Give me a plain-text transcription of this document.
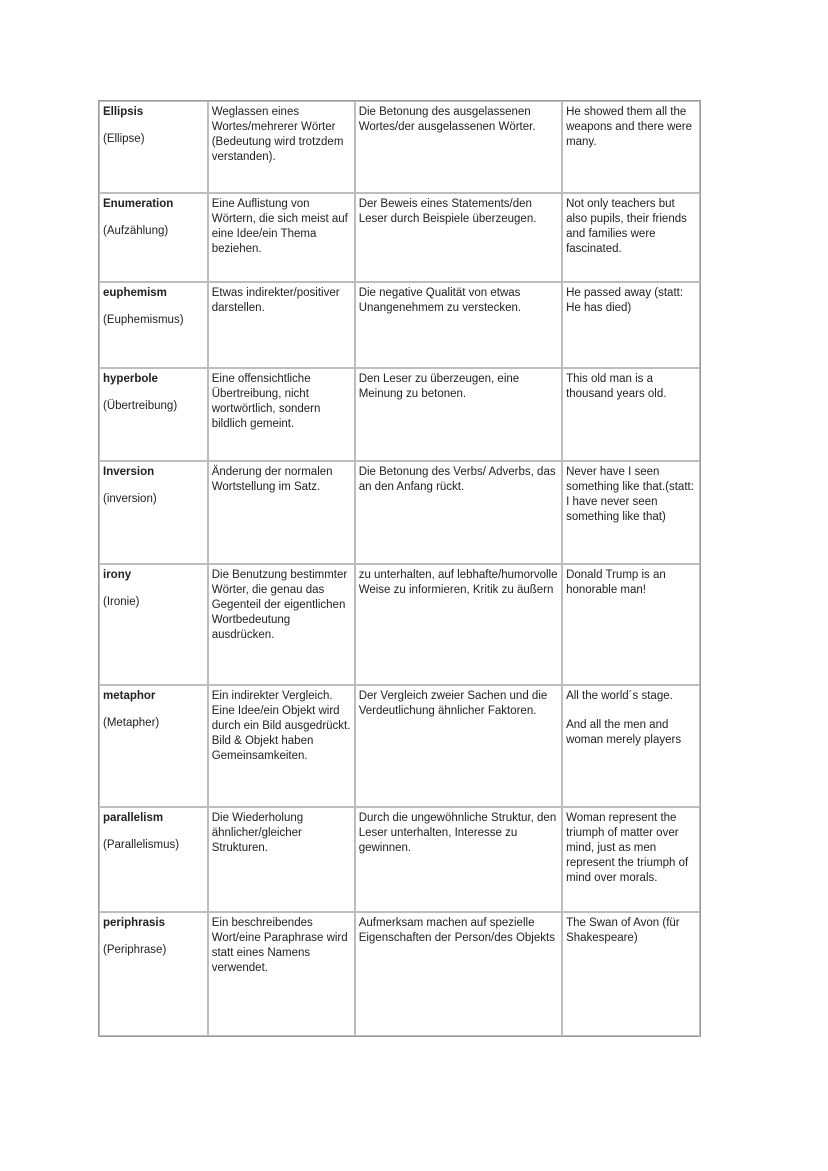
Ellipsis
(Ellipse)	Weglassen eines Wortes/mehrerer Wörter (Bedeutung wird trotzdem verstanden).	Die Betonung des ausgelassenen Wortes/der ausgelassenen Wörter.	He showed them all the weapons and there were many.

Enumeration
(Aufzählung)	Eine Auflistung von Wörtern, die sich meist auf eine Idee/ein Thema beziehen.	Der Beweis eines Statements/den Leser durch Beispiele überzeugen.	Not only teachers but also pupils, their friends and families were fascinated.

euphemism
(Euphemismus)	Etwas indirekter/positiver darstellen.	Die negative Qualität von etwas Unangenehmem zu verstecken.	He passed away (statt: He has died)

hyperbole
(Übertreibung)	Eine offensichtliche Übertreibung, nicht wortwörtlich, sondern bildlich gemeint.	Den Leser zu überzeugen, eine Meinung zu betonen.	This old man is a thousand years old.

Inversion
(inversion)	Änderung der normalen Wortstellung im Satz.	Die Betonung des Verbs/ Adverbs, das an den Anfang rückt.	Never have I seen something like that.(statt: I have never seen something like that)

irony
(Ironie)	Die Benutzung bestimmter Wörter, die genau das Gegenteil der eigentlichen Wortbedeutung ausdrücken.	zu unterhalten, auf lebhafte/humorvolle Weise zu informieren, Kritik zu äußern	Donald Trump is an honorable man!

metaphor
(Metapher)	Ein indirekter Vergleich. Eine Idee/ein Objekt wird durch ein Bild ausgedrückt. Bild & Objekt haben Gemeinsamkeiten.	Der Vergleich zweier Sachen und die Verdeutlichung ähnlicher Faktoren.	All the world´s stage.
And all the men and woman merely players

parallelism
(Parallelismus)	Die Wiederholung ähnlicher/gleicher Strukturen.	Durch die ungewöhnliche Struktur, den Leser unterhalten, Interesse zu gewinnen.	Woman represent the triumph of matter over mind, just as men represent the triumph of mind over morals.

periphrasis
(Periphrase)	Ein beschreibendes Wort/eine Paraphrase wird statt eines Namens verwendet.	Aufmerksam machen auf spezielle Eigenschaften der Person/des Objekts	The Swan of Avon (für Shakespeare)
